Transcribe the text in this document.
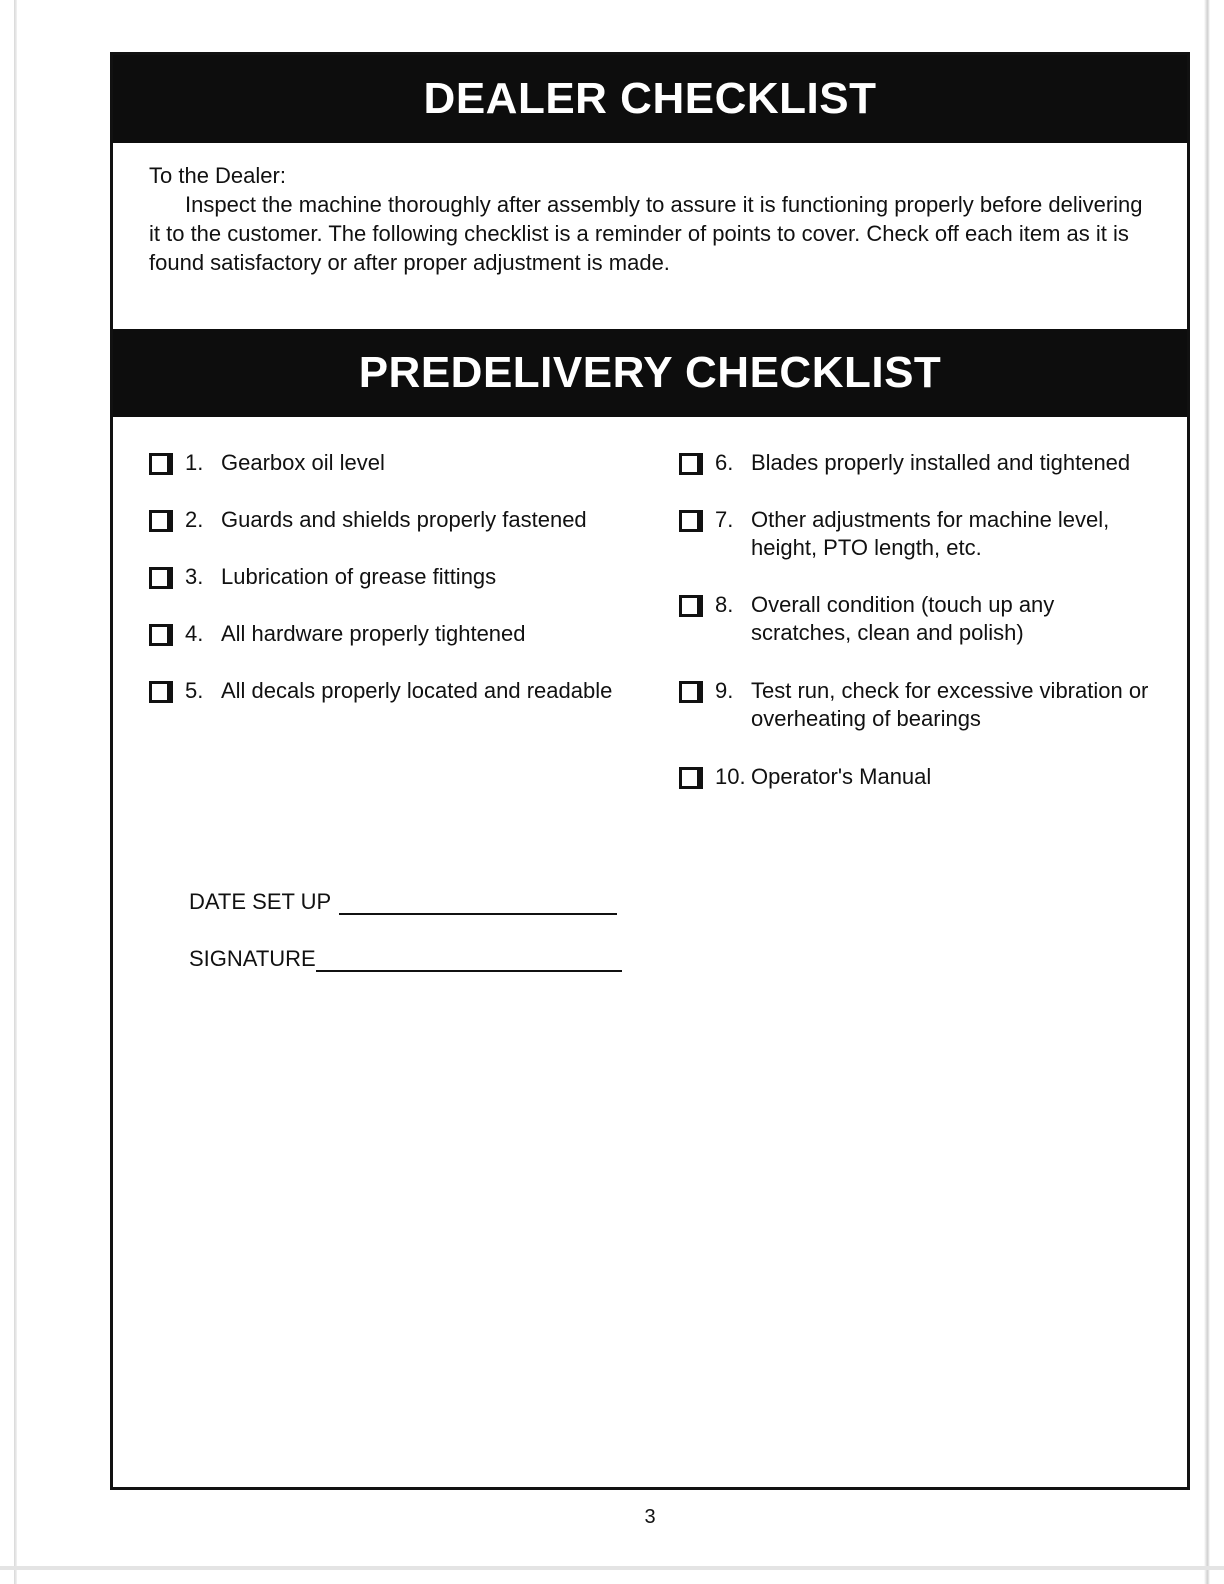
DEALER CHECKLIST

To the Dealer:

Inspect the machine thoroughly after assembly to assure it is functioning properly before delivering it to the customer. The following checklist is a reminder of points to cover. Check off each item as it is found satisfactory or after proper adjustment is made.

PREDELIVERY CHECKLIST
1. Gearbox oil level
2. Guards and shields properly fastened
3. Lubrication of grease fittings
4. All hardware properly tightened
5. All decals properly located and readable
6. Blades properly installed and tightened
7. Other adjustments for machine level, height, PTO length, etc.
8. Overall condition (touch up any scratches, clean and polish)
9. Test run, check for excessive vibration or overheating of bearings
10. Operator's Manual
DATE SET UP
SIGNATURE
3
